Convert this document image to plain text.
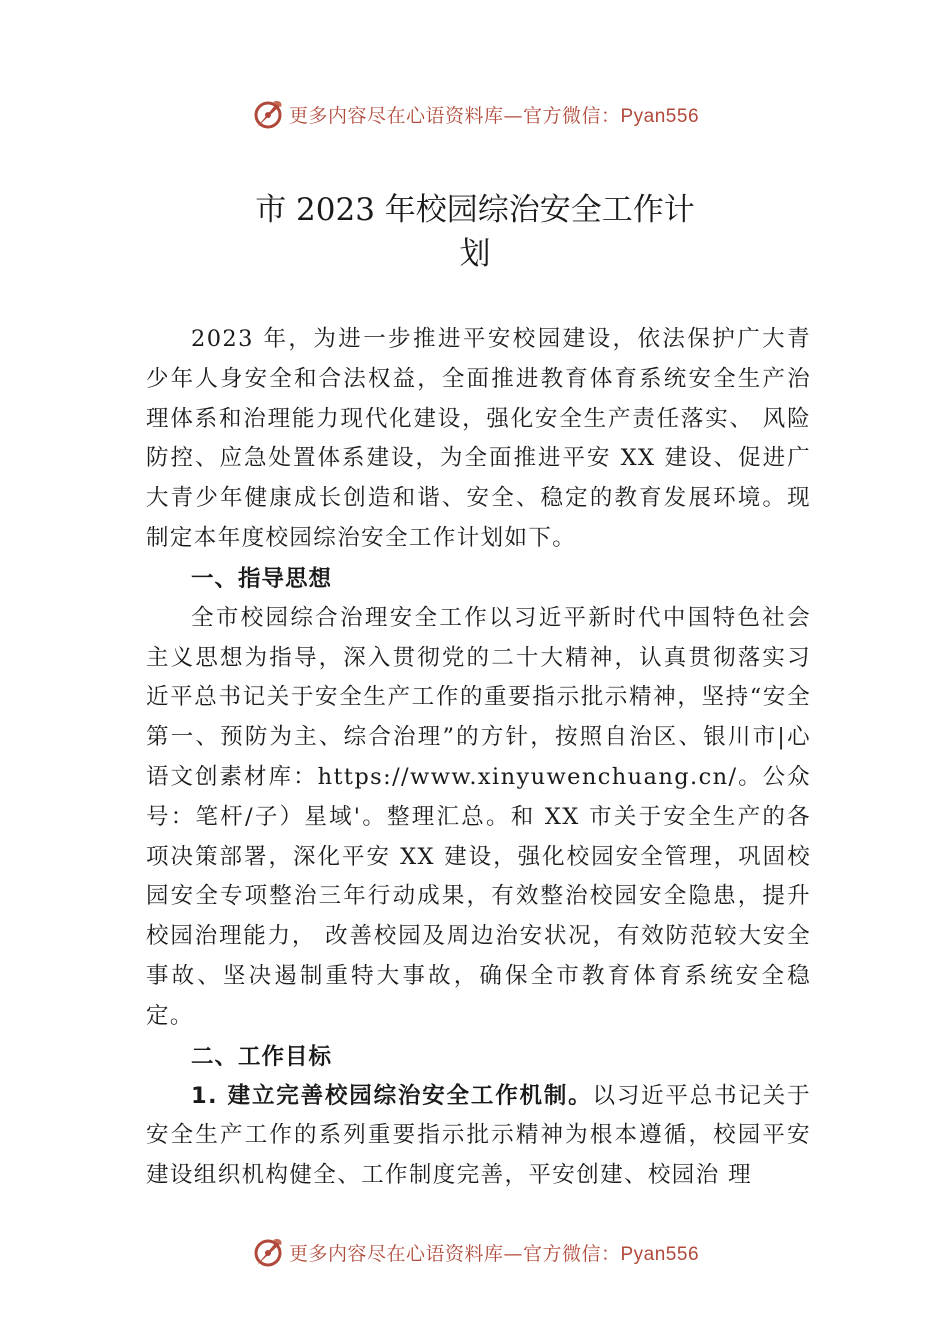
更多内容尽在心语资料库—官方微信：Pyan556
市 2023 年校园综治安全工作计
划

2023 年，为进一步推进平安校园建设，依法保护广大青少年人身安全和合法权益，全面推进教育体育系统安全生产治理体系和治理能力现代化建设，强化安全生产责任落实、 风险防控、应急处置体系建设，为全面推进平安 XX 建设、促进广大青少年健康成长创造和谐、安全、稳定的教育发展环境。现制定本年度校园综治安全工作计划如下。

一、指导思想

全市校园综合治理安全工作以习近平新时代中国特色社会主义思想为指导，深入贯彻党的二十大精神，认真贯彻落实习近平总书记关于安全生产工作的重要指示批示精神，坚持“安全第一、预防为主、综合治理”的方针，按照自治区、银川市|心语文创素材库：https://www.xinyuwenchuang.cn/。公众号：笔杆/子）星域'。整理汇总。和 XX 市关于安全生产的各项决策部署，深化平安 XX 建设，强化校园安全管理，巩固校园安全专项整治三年行动成果，有效整治校园安全隐患，提升校园治理能力， 改善校园及周边治安状况，有效防范较大安全事故、坚决遏制重特大事故，确保全市教育体育系统安全稳定。

二、工作目标

1. 建立完善校园综治安全工作机制。以习近平总书记关于安全生产工作的系列重要指示批示精神为根本遵循，校园平安建设组织机构健全、工作制度完善，平安创建、校园治 理

更多内容尽在心语资料库—官方微信：Pyan556
